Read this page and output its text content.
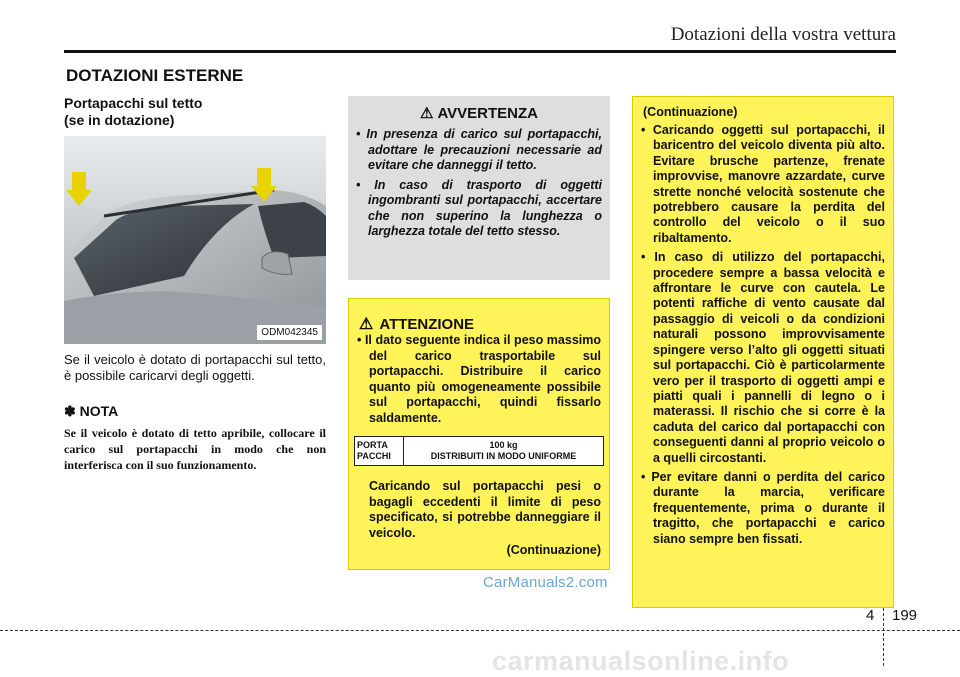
Dotazioni della vostra vettura
DOTAZIONI ESTERNE
Portapacchi sul tetto
(se in dotazione)
ODM042345
Se il veicolo è dotato di portapacchi sul tetto, è possibile caricarvi degli oggetti.
✽ NOTA
Se il veicolo è dotato di tetto apribile, collocare il carico sul portapacchi in modo che non interferisca con il suo funzionamento.
⚠ AVVERTENZA
• In presenza di carico sul portapacchi, adottare le precauzioni necessarie ad evitare che danneggi il tetto.
• In caso di trasporto di oggetti ingombranti sul portapacchi, accertare che non superino la lunghezza o larghezza totale del tetto stesso.
⚠ ATTENZIONE
• Il dato seguente indica il peso massimo del carico trasportabile sul portapacchi. Distribuire il carico quanto più omogeneamente possibile sul portapacchi, quindi fissarlo saldamente.
PORTA
PACCHI

100 kg
DISTRIBUITI IN MODO UNIFORME
Caricando sul portapacchi pesi o bagagli eccedenti il limite di peso specificato, si potrebbe danneggiare il veicolo.
(Continuazione)
(Continuazione)
• Caricando oggetti sul portapacchi, il baricentro del veicolo diventa più alto. Evitare brusche partenze, frenate improvvise, manovre azzardate, curve strette nonché velocità sostenute che potrebbero causare la perdita del controllo del veicolo o il suo ribaltamento.
• In caso di utilizzo del portapacchi, procedere sempre a bassa velocità e affrontare le curve con cautela. Le potenti raffiche di vento causate dal passaggio di veicoli o da condizioni naturali possono improvvisamente spingere verso l’alto gli oggetti situati sul portapacchi. Ciò è particolarmente vero per il trasporto di oggetti ampi e piatti quali i pannelli di legno o i materassi. Il rischio che si corre è la caduta del carico dal portapacchi con conseguenti danni al proprio veicolo o a quelli circostanti.
• Per evitare danni o perdita del carico durante la marcia, verificare frequentemente, prima o durante il tragitto, che portapacchi e carico siano sempre ben fissati.
CarManuals2.com
4 199
carmanualsonline.info
